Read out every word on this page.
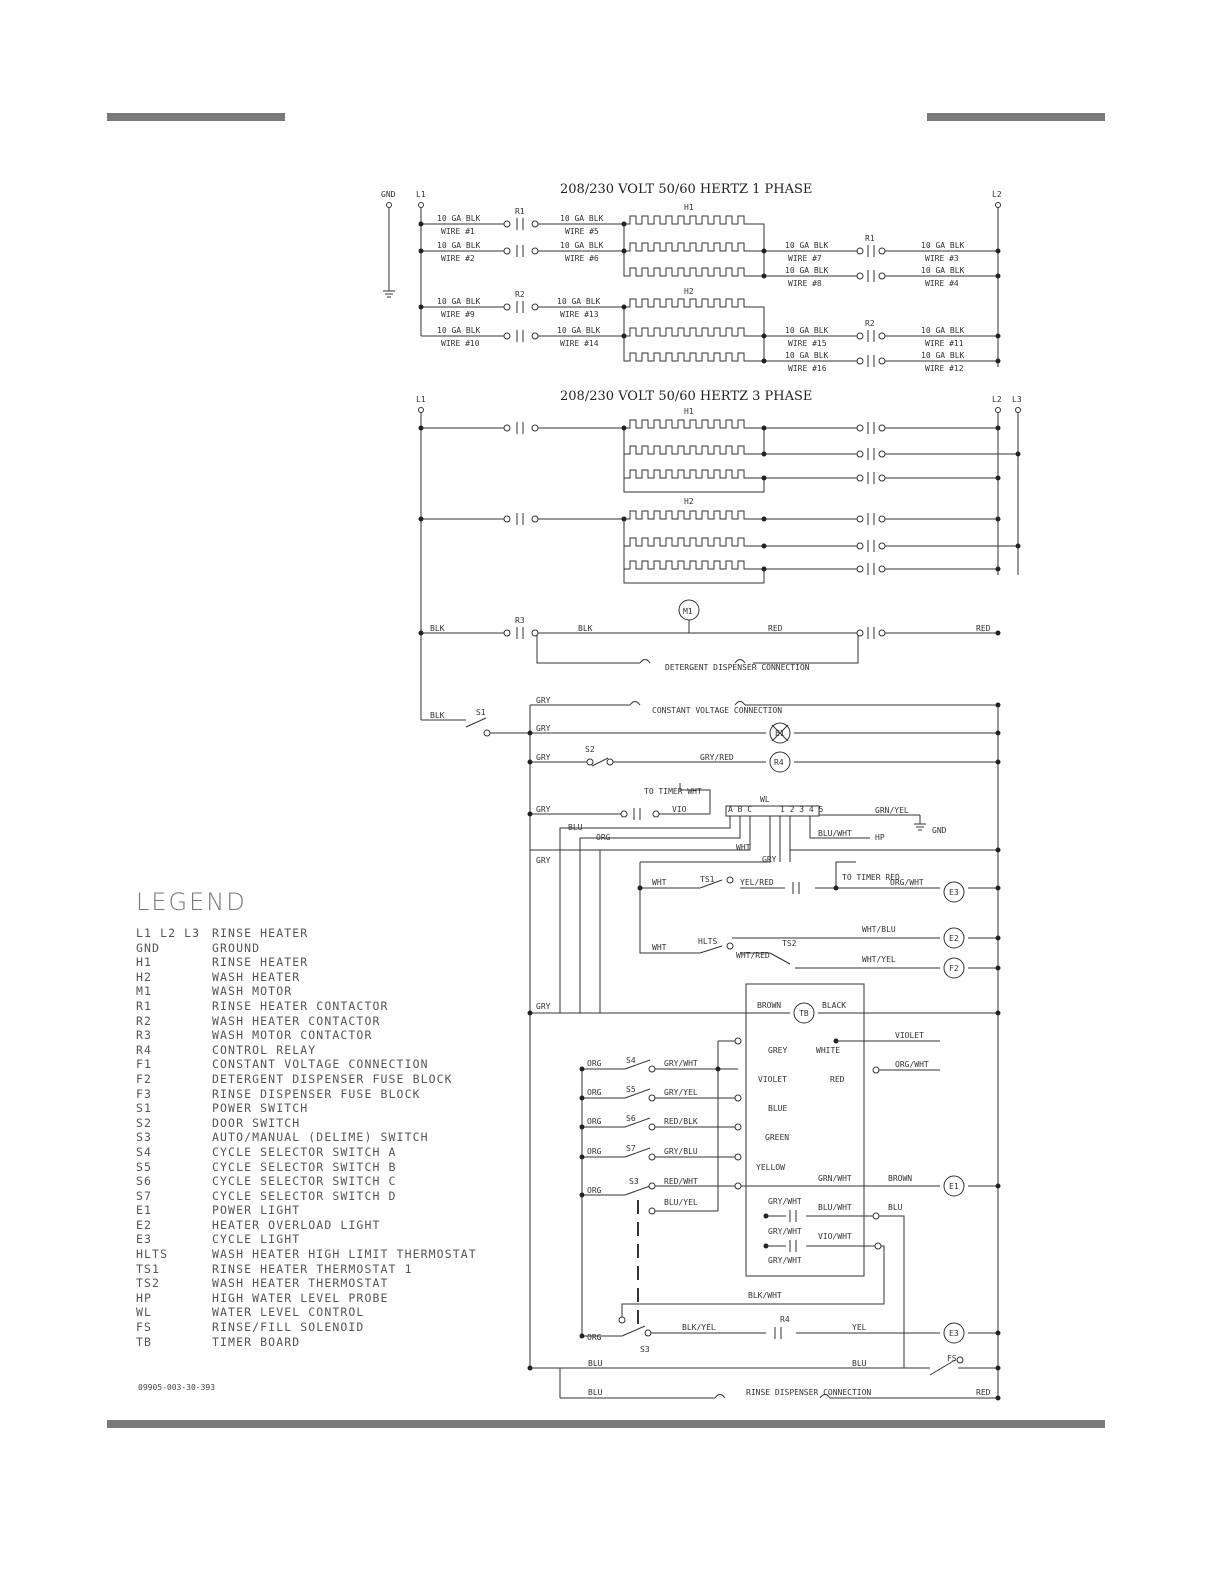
208/230 VOLT 50/60 HERTZ 1 PHASE
208/230 VOLT 50/60 HERTZ 3 PHASE
GND	L1	L2
H1
H2
10 GA BLK
WIRE #1
10 GA BLK
WIRE #2
10 GA BLK
WIRE #5
10 GA BLK
WIRE #6
10 GA BLK
WIRE #9
10 GA BLK
WIRE #10
10 GA BLK
WIRE #13
10 GA BLK
WIRE #14
10 GA BLK
WIRE #7
10 GA BLK
WIRE #8
10 GA BLK
WIRE #3
10 GA BLK
WIRE #4
10 GA BLK
WIRE #15
10 GA BLK
WIRE #16
10 GA BLK
WIRE #11
10 GA BLK
WIRE #12
R1
R1
R2
R2
L1	L2 L3
H1
H2
R3
M1
BLK	BLK	RED	RED
DETERGENT DISPENSER CONNECTION
CONSTANT VOLTAGE CONNECTION
S1
BLK
E1
S2
R4
GRY/RED
TO TIMER WHT
VIO
WL
A B C	1 2 3 4 5	GRN/YEL
BLU/WHT	HP
GND
TS1	YEL/RED
TO TIMER RED
ORG/WHT
E3
HLTS
WHT/BLU
E2
WHT/RED
TS2
WHT/YEL
F2
BROWN
TB
BLACK
GREY	WHITE
VIOLET
ORG/WHT
S4	GRY/WHT
VIOLET	RED
S5	GRY/YEL
BLUE
S6	RED/BLK
GREEN
S7	GRY/BLU
YELLOW
S3	RED/WHT
BLU/YEL
GRN/WHT	BROWN
E1
GRY/WHT
BLU/WHT	BLU
GRY/WHT
VIO/WHT
GRY/WHT
BLK/WHT
BLK/YEL
R4
YEL
E3
S3
FS
BLU	BLU
BLU	RINSE DISPENSER CONNECTION	RED
GRY
GRY
GRY
GRY
GRY
GRY
BLU
ORG
WHT
GRY
WHT
WHT
ORG
ORG
ORG
ORG
ORG
ORG
LEGEND
L1 L2 L3	RINSE HEATER
GND	GROUND
H1	RINSE HEATER
H2	WASH HEATER
M1	WASH MOTOR
R1	RINSE HEATER CONTACTOR
R2	WASH HEATER CONTACTOR
R3	WASH MOTOR CONTACTOR
R4	CONTROL RELAY
F1	CONSTANT VOLTAGE CONNECTION
F2	DETERGENT DISPENSER FUSE BLOCK
F3	RINSE DISPENSER FUSE BLOCK
S1	POWER SWITCH
S2	DOOR SWITCH
S3	AUTO/MANUAL (DELIME) SWITCH
S4	CYCLE SELECTOR SWITCH A
S5	CYCLE SELECTOR SWITCH B
S6	CYCLE SELECTOR SWITCH C
S7	CYCLE SELECTOR SWITCH D
E1	POWER LIGHT
E2	HEATER OVERLOAD LIGHT
E3	CYCLE LIGHT
HLTS	WASH HEATER HIGH LIMIT THERMOSTAT
TS1	RINSE HEATER THERMOSTAT 1
TS2	WASH HEATER THERMOSTAT
HP	HIGH WATER LEVEL PROBE
WL	WATER LEVEL CONTROL
FS	RINSE/FILL SOLENOID
TB	TIMER BOARD
09905-003-30-393
